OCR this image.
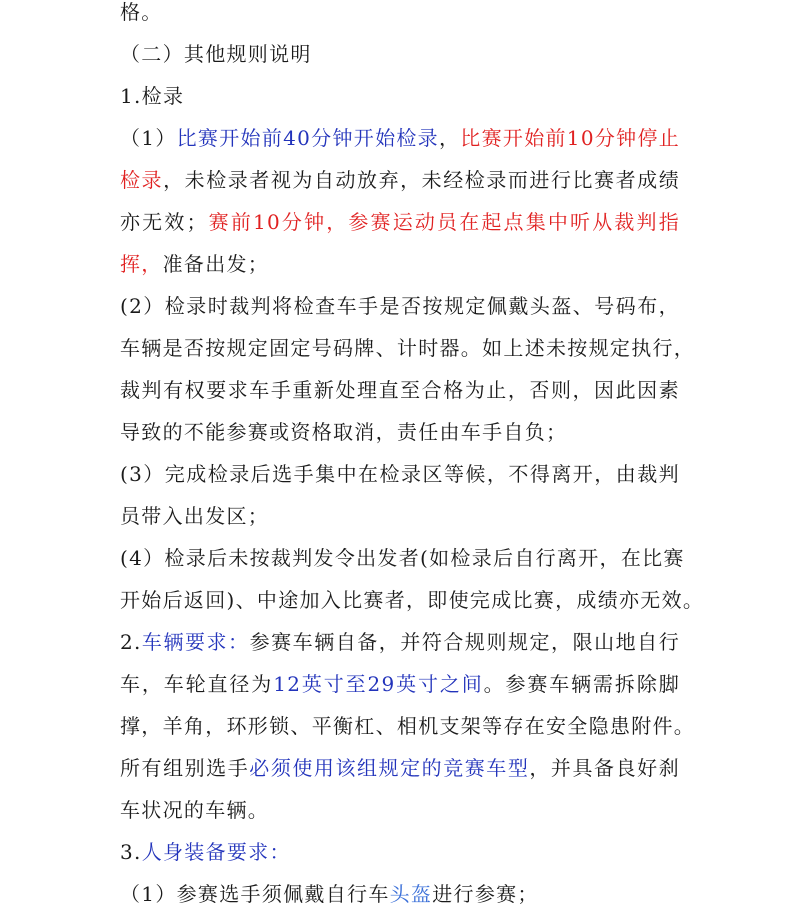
格。
（二）其他规则说明
1.检录
（1）比赛开始前40分钟开始检录，比赛开始前10分钟停止
检录，未检录者视为自动放弃，未经检录而进行比赛者成绩
亦无效；赛前10分钟，参赛运动员在起点集中听从裁判指
挥，准备出发；
(2）检录时裁判将检查车手是否按规定佩戴头盔、号码布，
车辆是否按规定固定号码牌、计时器。如上述未按规定执行，
裁判有权要求车手重新处理直至合格为止，否则，因此因素
导致的不能参赛或资格取消，责任由车手自负；
(3）完成检录后选手集中在检录区等候，不得离开，由裁判
员带入出发区；
(4）检录后未按裁判发令出发者(如检录后自行离开，在比赛
开始后返回)、中途加入比赛者，即使完成比赛，成绩亦无效。
2.车辆要求：参赛车辆自备，并符合规则规定，限山地自行
车，车轮直径为12英寸至29英寸之间。参赛车辆需拆除脚
撑，羊角，环形锁、平衡杠、相机支架等存在安全隐患附件。
所有组别选手必须使用该组规定的竞赛车型，并具备良好刹
车状况的车辆。
3.人身装备要求：
（1）参赛选手须佩戴自行车头盔进行参赛；
